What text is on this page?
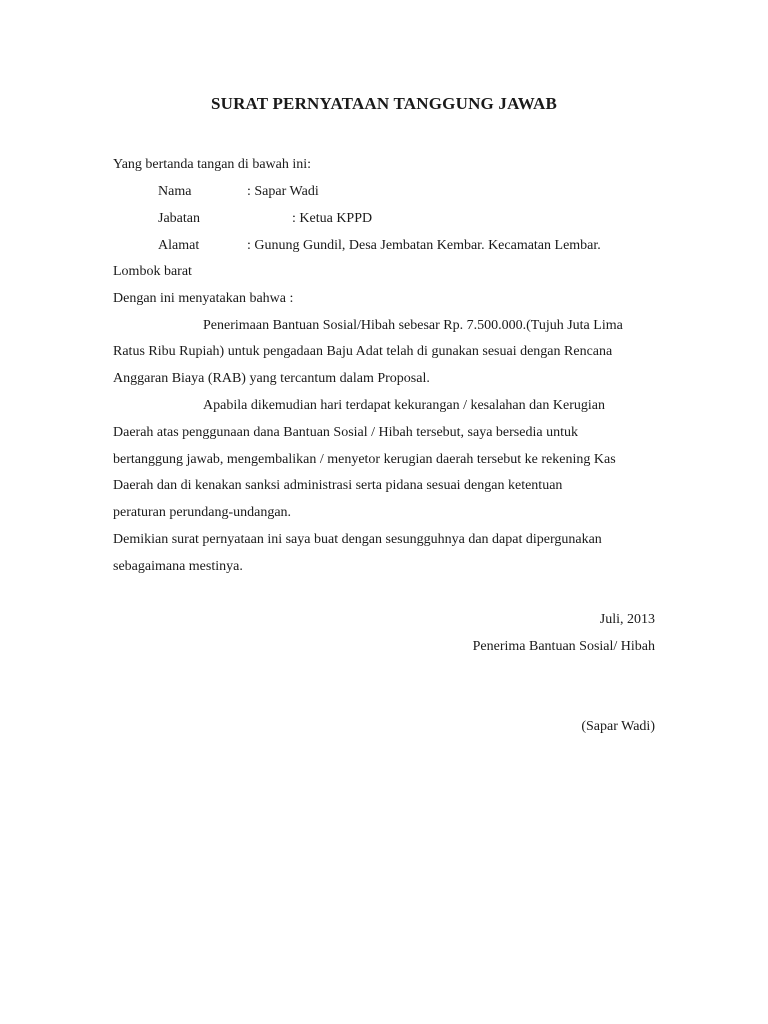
SURAT PERNYATAAN TANGGUNG JAWAB
Yang bertanda tangan di bawah ini:
Nama	: Sapar Wadi
Jabatan	: Ketua KPPD
Alamat	: Gunung Gundil, Desa Jembatan Kembar. Kecamatan Lembar.
Lombok barat
Dengan ini menyatakan bahwa :
Penerimaan Bantuan Sosial/Hibah sebesar Rp. 7.500.000.(Tujuh Juta Lima
Ratus Ribu Rupiah) untuk pengadaan Baju Adat telah di gunakan sesuai dengan Rencana
Anggaran Biaya (RAB) yang tercantum dalam Proposal.
Apabila dikemudian hari terdapat kekurangan / kesalahan dan Kerugian
Daerah atas penggunaan dana Bantuan Sosial / Hibah tersebut, saya bersedia untuk
bertanggung jawab, mengembalikan / menyetor kerugian daerah tersebut ke rekening Kas
Daerah dan di kenakan sanksi administrasi serta pidana sesuai dengan ketentuan
peraturan perundang-undangan.
Demikian surat pernyataan ini saya buat dengan sesungguhnya dan dapat dipergunakan
sebagaimana mestinya.
Juli, 2013
Penerima Bantuan Sosial/ Hibah
(Sapar Wadi)
